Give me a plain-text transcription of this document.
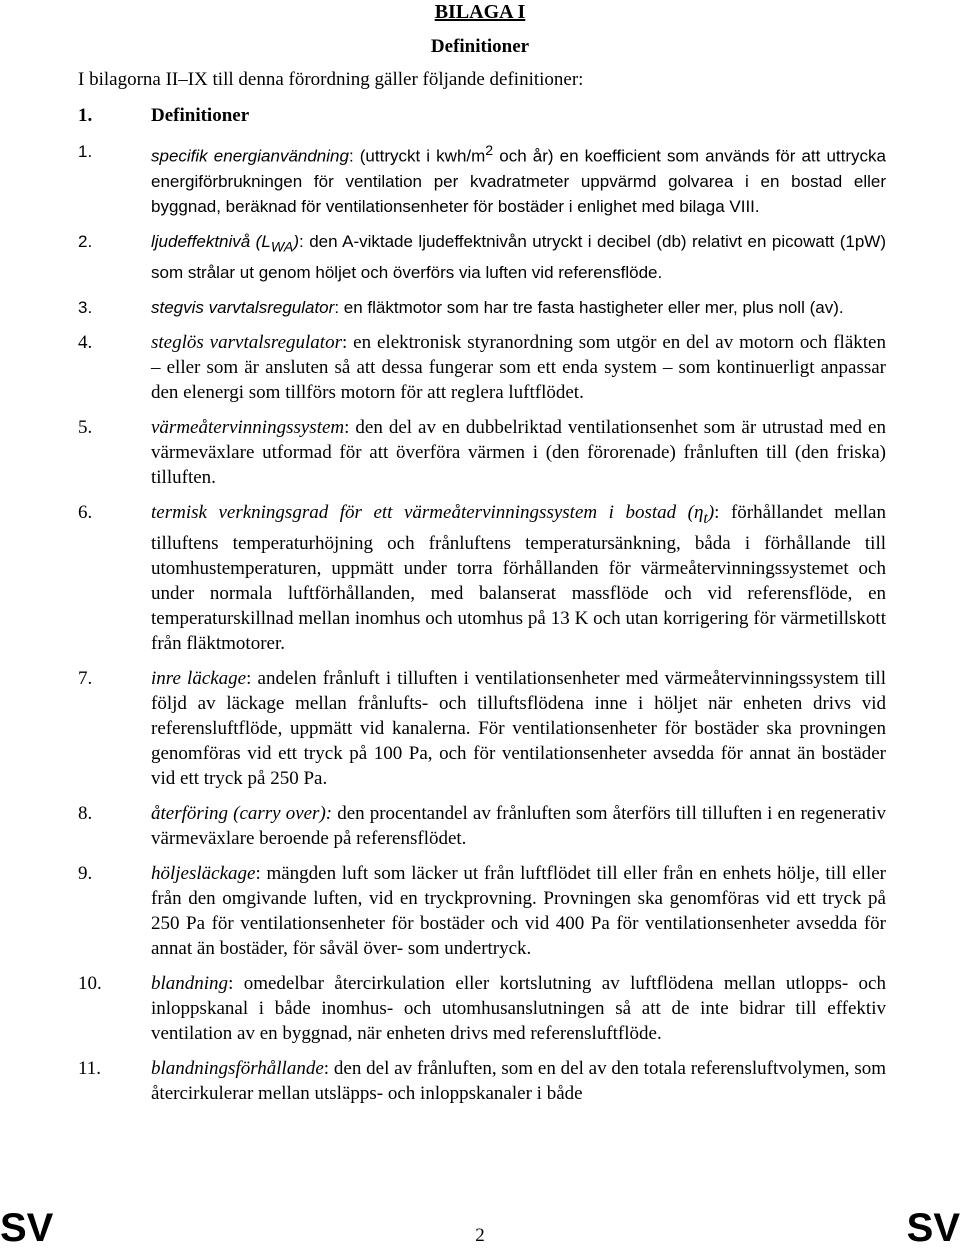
BILAGA I
Definitioner
I bilagorna II–IX till denna förordning gäller följande definitioner:
1.	Definitioner
1.	specifik energianvändning: (uttryckt i kwh/$m^2$ och år) en koefficient som används för att uttrycka energiförbrukningen för ventilation per kvadratmeter uppvärmd golvarea i en bostad eller byggnad, beräknad för ventilationsenheter för bostäder i enlighet med bilaga VIII.
2.	ljudeffektnivå $(L_{WA})$: den A-viktade ljudeffektnivån utryckt i decibel (db) relativt en picowatt (1pW) som strålar ut genom höljet och överförs via luften vid referensflöde.
3.	stegvis varvtalsregulator: en fläktmotor som har tre fasta hastigheter eller mer, plus noll (av).
4.	steglös varvtalsregulator: en elektronisk styranordning som utgör en del av motorn och fläkten – eller som är ansluten så att dessa fungerar som ett enda system – som kontinuerligt anpassar den elenergi som tillförs motorn för att reglera luftflödet.
5.	värmeåtervinningssystem: den del av en dubbelriktad ventilationsenhet som är utrustad med en värmeväxlare utformad för att överföra värmen i (den förorenade) frånluften till (den friska) tilluften.
6.	termisk verkningsgrad för ett värmeåtervinningssystem i bostad $(\eta_t)$: förhållandet mellan tilluftens temperaturhöjning och frånluftens temperatursänkning, båda i förhållande till utomhustemperaturen, uppmätt under torra förhållanden för värmeåtervinningssystemet och under normala luftförhållanden, med balanserat massflöde och vid referensflöde, en temperaturskillnad mellan inomhus och utomhus på 13 K och utan korrigering för värmetillskott från fläktmotorer.
7.	inre läckage: andelen frånluft i tilluften i ventilationsenheter med värmeåtervinningssystem till följd av läckage mellan frånlufts- och tilluftsflödena inne i höljet när enheten drivs vid referensluftflöde, uppmätt vid kanalerna. För ventilationsenheter för bostäder ska provningen genomföras vid ett tryck på 100 Pa, och för ventilationsenheter avsedda för annat än bostäder vid ett tryck på 250 Pa.
8.	återföring (carry over): den procentandel av frånluften som återförs till tilluften i en regenerativ värmeväxlare beroende på referensflödet.
9.	höljesläckage: mängden luft som läcker ut från luftflödet till eller från en enhets hölje, till eller från den omgivande luften, vid en tryckprovning. Provningen ska genomföras vid ett tryck på 250 Pa för ventilationsenheter för bostäder och vid 400 Pa för ventilationsenheter avsedda för annat än bostäder, för såväl över- som undertryck.
10.	blandning: omedelbar återcirkulation eller kortslutning av luftflödena mellan utlopps- och inloppskanal i både inomhus- och utomhusanslutningen så att de inte bidrar till effektiv ventilation av en byggnad, när enheten drivs med referensluftflöde.
11.	blandningsförhållande: den del av frånluften, som en del av den totala referensluftvolymen, som återcirkulerar mellan utsläpps- och inloppskanaler i både
SV	2	SV
